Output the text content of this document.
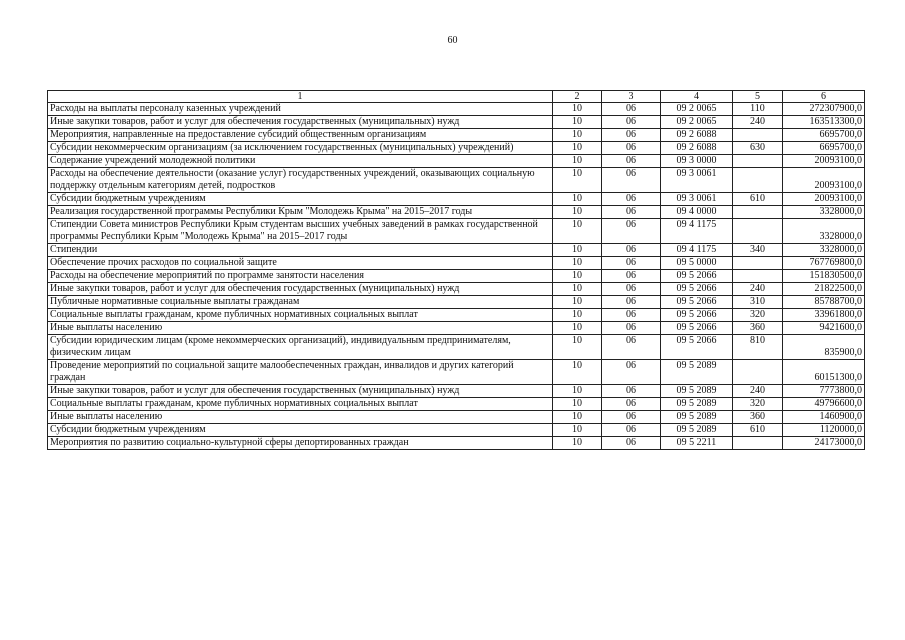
60
1	2	3	4	5	6
Расходы на выплаты персоналу казенных учреждений	10	06	09 2 0065	110	272307900,0
Иные закупки товаров, работ и услуг для обеспечения государственных (муниципальных) нужд	10	06	09 2 0065	240	163513300,0
Мероприятия, направленные на предоставление субсидий общественным организациям	10	06	09 2 6088		6695700,0
Субсидии некоммерческим организациям (за исключением государственных (муниципальных) учреждений)	10	06	09 2 6088	630	6695700,0
Содержание учреждений молодежной политики	10	06	09 3 0000		20093100,0
Расходы на обеспечение деятельности (оказание услуг) государственных учреждений, оказывающих социальную поддержку отдельным категориям детей, подростков	10	06	09 3 0061		20093100,0
Субсидии бюджетным учреждениям	10	06	09 3 0061	610	20093100,0
Реализация государственной программы Республики Крым "Молодежь Крыма" на 2015–2017 годы	10	06	09 4 0000		3328000,0
Стипендии Совета министров Республики Крым студентам высших учебных заведений в рамках государственной программы Республики Крым "Молодежь Крыма" на 2015–2017 годы	10	06	09 4 1175		3328000,0
Стипендии	10	06	09 4 1175	340	3328000,0
Обеспечение прочих расходов по социальной защите	10	06	09 5 0000		767769800,0
Расходы на обеспечение мероприятий по программе занятости населения	10	06	09 5 2066		151830500,0
Иные закупки товаров, работ и услуг для обеспечения государственных (муниципальных) нужд	10	06	09 5 2066	240	21822500,0
Публичные нормативные социальные выплаты гражданам	10	06	09 5 2066	310	85788700,0
Социальные выплаты гражданам, кроме публичных нормативных социальных выплат	10	06	09 5 2066	320	33961800,0
Иные выплаты населению	10	06	09 5 2066	360	9421600,0
Субсидии юридическим лицам (кроме некоммерческих организаций), индивидуальным предпринимателям, физическим лицам	10	06	09 5 2066	810	835900,0
Проведение мероприятий по социальной защите малообеспеченных граждан, инвалидов и других категорий граждан	10	06	09 5 2089		60151300,0
Иные закупки товаров, работ и услуг для обеспечения государственных (муниципальных) нужд	10	06	09 5 2089	240	7773800,0
Социальные выплаты гражданам, кроме публичных нормативных социальных выплат	10	06	09 5 2089	320	49796600,0
Иные выплаты населению	10	06	09 5 2089	360	1460900,0
Субсидии бюджетным учреждениям	10	06	09 5 2089	610	1120000,0
Мероприятия по развитию социально-культурной сферы депортированных граждан	10	06	09 5 2211		24173000,0
